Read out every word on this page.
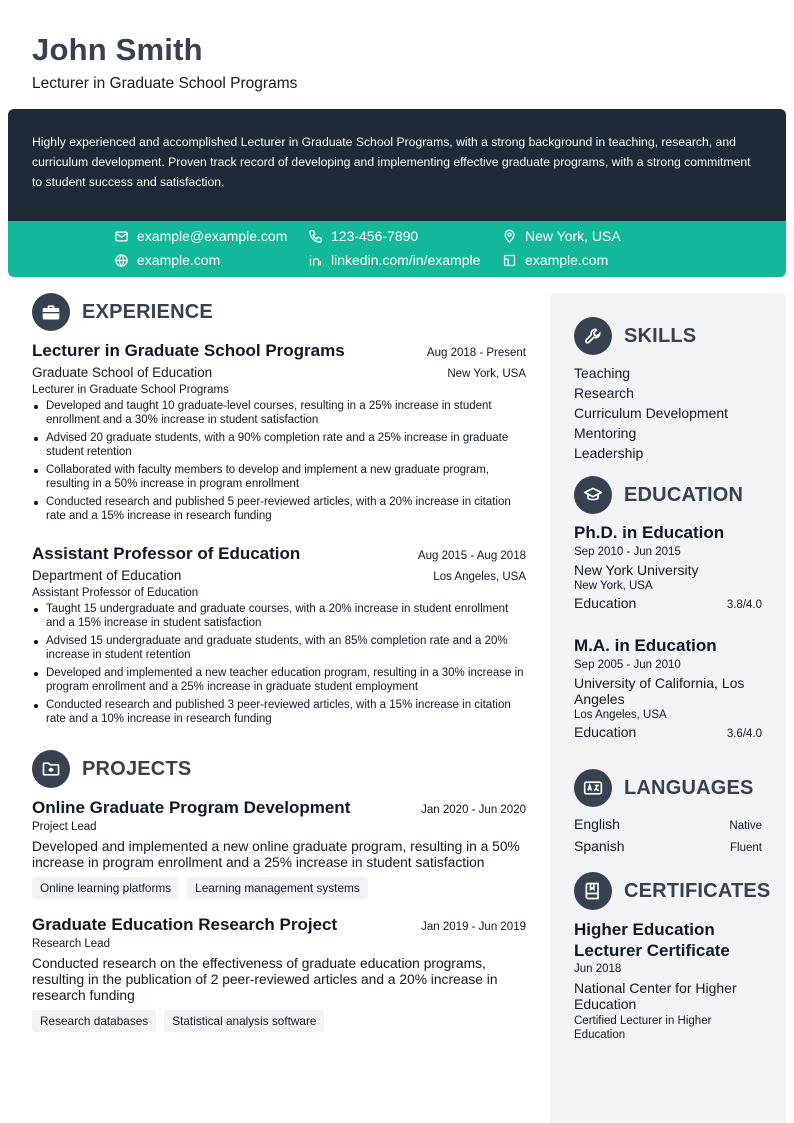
John Smith
Lecturer in Graduate School Programs

Highly experienced and accomplished Lecturer in Graduate School Programs, with a strong background in teaching, research, and curriculum development. Proven track record of developing and implementing effective graduate programs, with a strong commitment to student success and satisfaction.

example@example.com	123-456-7890	New York, USA
example.com	linkedin.com/in/example	example.com
EXPERIENCE
Lecturer in Graduate School Programs	Aug 2018 - Present
Graduate School of Education	New York, USA
Lecturer in Graduate School Programs
Developed and taught 10 graduate-level courses, resulting in a 25% increase in student enrollment and a 30% increase in student satisfaction
Advised 20 graduate students, with a 90% completion rate and a 25% increase in graduate student retention
Collaborated with faculty members to develop and implement a new graduate program, resulting in a 50% increase in program enrollment
Conducted research and published 5 peer-reviewed articles, with a 20% increase in citation rate and a 15% increase in research funding
Assistant Professor of Education	Aug 2015 - Aug 2018
Department of Education	Los Angeles, USA
Assistant Professor of Education
Taught 15 undergraduate and graduate courses, with a 20% increase in student enrollment and a 15% increase in student satisfaction
Advised 15 undergraduate and graduate students, with an 85% completion rate and a 20% increase in student retention
Developed and implemented a new teacher education program, resulting in a 30% increase in program enrollment and a 25% increase in graduate student employment
Conducted research and published 3 peer-reviewed articles, with a 15% increase in citation rate and a 10% increase in research funding
PROJECTS
Online Graduate Program Development	Jan 2020 - Jun 2020
Project Lead
Developed and implemented a new online graduate program, resulting in a 50% increase in program enrollment and a 25% increase in student satisfaction
Online learning platforms	Learning management systems
Graduate Education Research Project	Jan 2019 - Jun 2019
Research Lead
Conducted research on the effectiveness of graduate education programs, resulting in the publication of 2 peer-reviewed articles and a 20% increase in research funding
Research databases	Statistical analysis software
SKILLS
Teaching
Research
Curriculum Development
Mentoring
Leadership
EDUCATION
Ph.D. in Education
Sep 2010 - Jun 2015
New York University
New York, USA
Education	3.8/4.0
M.A. in Education
Sep 2005 - Jun 2010
University of California, Los Angeles
Los Angeles, USA
Education	3.6/4.0
LANGUAGES
English	Native
Spanish	Fluent
CERTIFICATES
Higher Education Lecturer Certificate
Jun 2018
National Center for Higher Education
Certified Lecturer in Higher Education
